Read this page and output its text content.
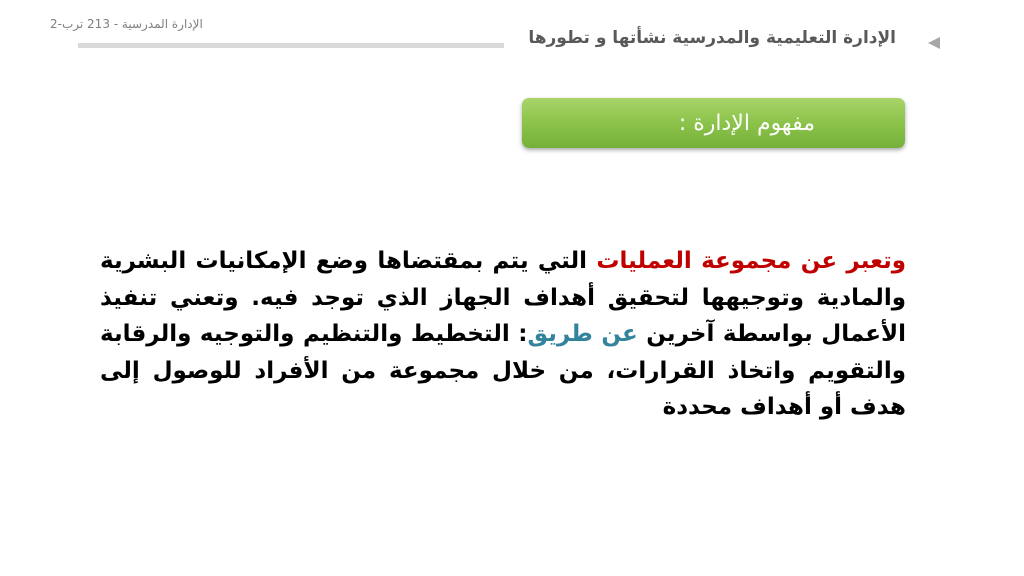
الإدارة المدرسية - 213 ترب-2
الإدارة التعليمية والمدرسية نشأتها و تطورها
مفهوم الإدارة :

وتعبر عن مجموعة العمليات التي يتم بمقتضاها وضع الإمكانيات البشرية والمادية وتوجيهها لتحقيق أهداف الجهاز الذي توجد فيه. وتعني تنفيذ الأعمال بواسطة آخرين عن طريق: التخطيط والتنظيم والتوجيه والرقابة والتقويم واتخاذ القرارات، من خلال مجموعة من الأفراد للوصول إلى هدف أو أهداف محددة
